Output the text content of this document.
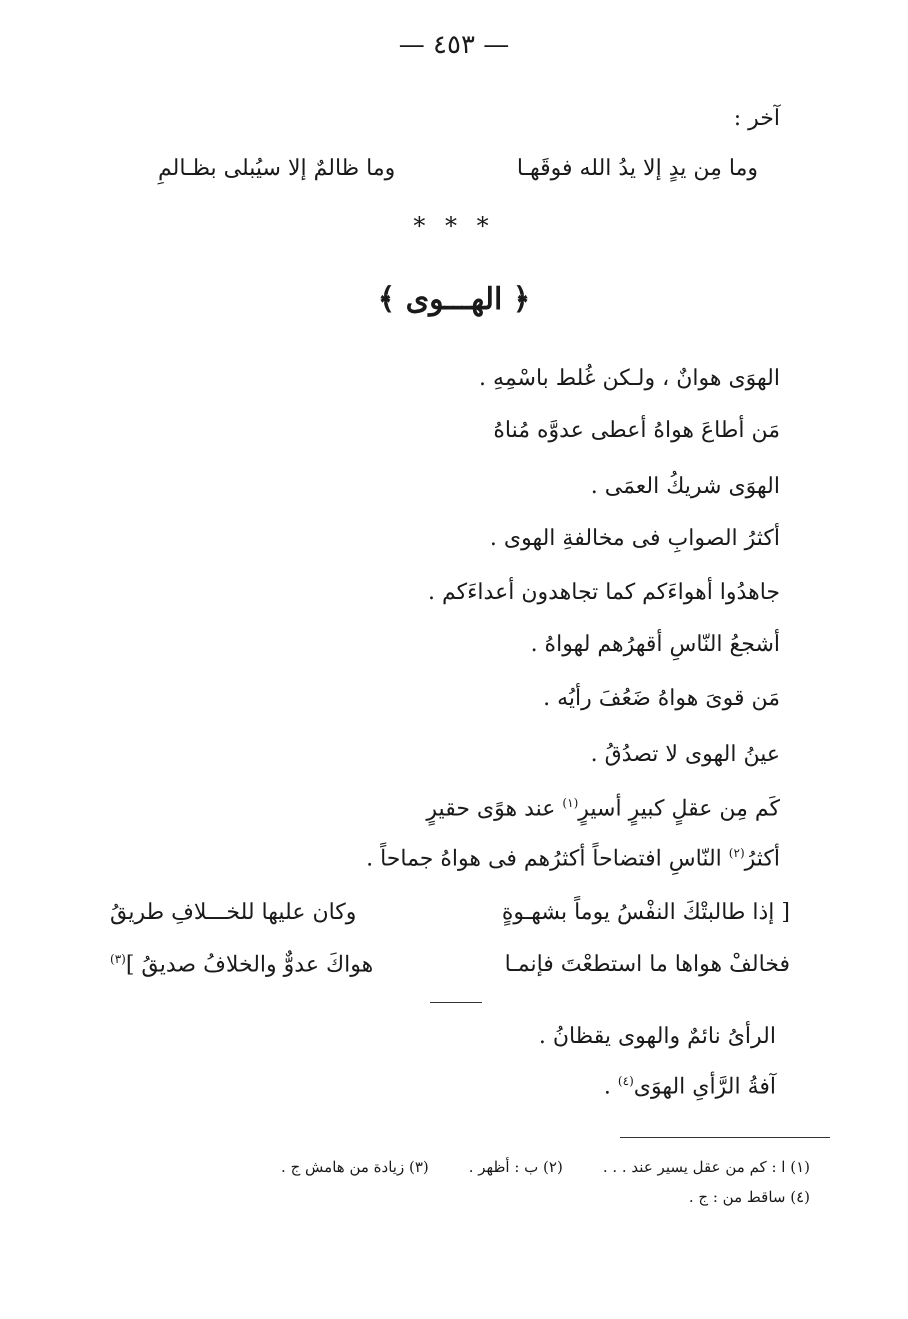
— ٤٥٣ —
آخر :
وما مِن يدٍ إلا يدُ الله فوقَهـا
وما ظالمٌ إلا سيُبلى بظـالمِ
* * *
﴿ الهـــوى ﴾
الهوَى هوانٌ ، ولـكن غُلط باسْمِهِ .
مَن أطاعَ هواهُ أعطى عدوَّه مُناهُ
الهوَى شريكُ العمَى .
أكثرُ الصوابِ فى مخالفةِ الهوى .
جاهدُوا أهواءَكم كما تجاهدون أعداءَكم .
أشجعُ النّاسِ أقهرُهم لهواهُ .
مَن قوىَ هواهُ ضَعُفَ رأيُه .
عينُ الهوى لا تصدُقُ .
كَم مِن عقلٍ كبيرٍ أسيرٍ$^{(١)}$ عند هوًى حقيرٍ
أكثرُ$^{(٢)}$ النّاسِ افتضاحاً أكثرُهم فى هواهُ جماحاً .
[ إذا طالبتْكَ النفْسُ يوماً بشهـوةٍ
وكان عليها للخـــلافِ طريقُ
فخالفْ هواها ما استطعْتَ فإنمـا
هواكَ عدوٌّ والخلافُ صديقُ ]$^{(٣)}$
الرأىُ نائمٌ والهوى يقظانُ .
آفةُ الرَّأىِ الهوَى$^{(٤)}$ .
(١) ا : كم من عقل يسير عند . . .(٢) ب : أظهر .(٣) زيادة من هامش ج .
(٤) ساقط من : ج .
